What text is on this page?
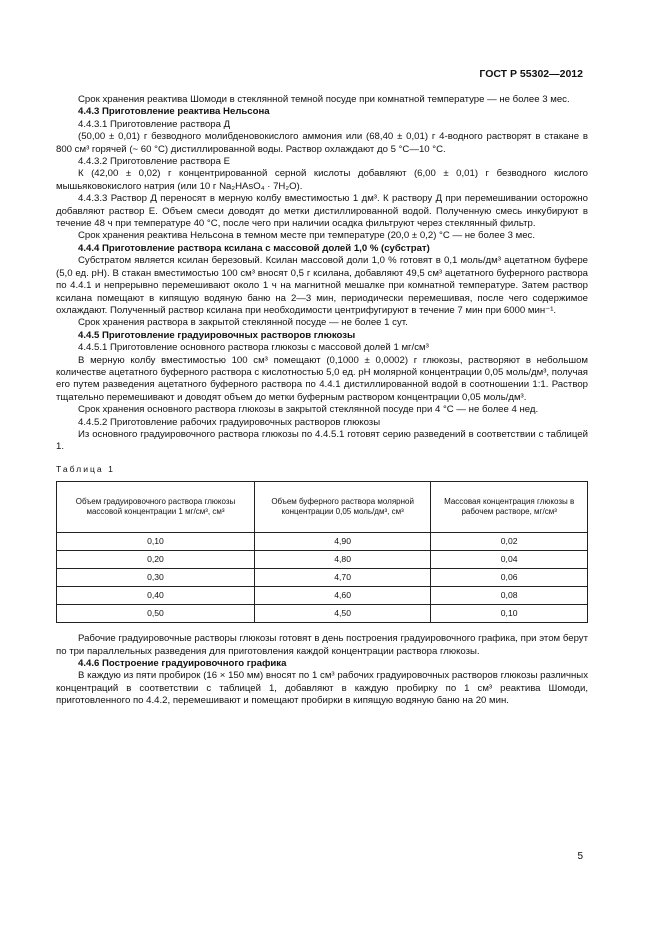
ГОСТ Р 55302—2012

Срок хранения реактива Шомоди в стеклянной темной посуде при комнатной температуре — не более 3 мес.

4.4.3 Приготовление реактива Нельсона

4.4.3.1 Приготовление раствора Д

(50,00 ± 0,01) г безводного молибденовокислого аммония или (68,40 ± 0,01) г 4-водного растворят в стакане в 800 см³ горячей (~ 60 °С) дистиллированной воды. Раствор охлаждают до 5 °С—10 °С.

4.4.3.2 Приготовление раствора Е

К (42,00 ± 0,02) г концентрированной серной кислоты добавляют (6,00 ± 0,01) г безводного кислого мышьяковокислого натрия (или 10 г Na₂HAsO₄ · 7H₂O).

4.4.3.3 Раствор Д переносят в мерную колбу вместимостью 1 дм³. К раствору Д при перемешивании осторожно добавляют раствор Е. Объем смеси доводят до метки дистиллированной водой. Полученную смесь инкубируют в течение 48 ч при температуре 40 °С, после чего при наличии осадка фильтруют через стеклянный фильтр.

Срок хранения реактива Нельсона в темном месте при температуре (20,0 ± 0,2) °С — не более 3 мес.

4.4.4 Приготовление раствора ксилана с массовой долей 1,0 % (субстрат)

Субстратом является ксилан березовый. Ксилан массовой доли 1,0 % готовят в 0,1 моль/дм³ ацетатном буфере (5,0 ед. рН). В стакан вместимостью 100 см³ вносят 0,5 г ксилана, добавляют 49,5 см³ ацетатного буферного раствора по 4.4.1 и непрерывно перемешивают около 1 ч на магнитной мешалке при комнатной температуре. Затем раствор ксилана помещают в кипящую водяную баню на 2—3 мин, периодически перемешивая, после чего содержимое охлаждают. Полученный раствор ксилана при необходимости центрифугируют в течение 7 мин при 6000 мин⁻¹.

Срок хранения раствора в закрытой стеклянной посуде — не более 1 сут.

4.4.5 Приготовление градуировочных растворов глюкозы

4.4.5.1 Приготовление основного раствора глюкозы с массовой долей 1 мг/см³

В мерную колбу вместимостью 100 см³ помещают (0,1000 ± 0,0002) г глюкозы, растворяют в небольшом количестве ацетатного буферного раствора с кислотностью 5,0 ед. рН молярной концентрации 0,05 моль/дм³, получая его путем разведения ацетатного буферного раствора по 4.4.1 дистиллированной водой в соотношении 1:1. Раствор тщательно перемешивают и доводят объем до метки буферным раствором концентрации 0,05 моль/дм³.

Срок хранения основного раствора глюкозы в закрытой стеклянной посуде при 4 °С — не более 4 нед.

4.4.5.2 Приготовление рабочих градуировочных растворов глюкозы

Из основного градуировочного раствора глюкозы по 4.4.5.1 готовят серию разведений в соответствии с таблицей 1.

Таблица 1
Объем градуировочного раствора глюкозы массовой концентрации 1 мг/см³, см³	Объем буферного раствора молярной концентрации 0,05 моль/дм³, см³	Массовая концентрация глюкозы в рабочем растворе, мг/см³
0,10	4,90	0,02
0,20	4,80	0,04
0,30	4,70	0,06
0,40	4,60	0,08
0,50	4,50	0,10

Рабочие градуировочные растворы глюкозы готовят в день построения градуировочного графика, при этом берут по три параллельных разведения для приготовления каждой концентрации раствора глюкозы.

4.4.6 Построение градуировочного графика

В каждую из пяти пробирок (16 × 150 мм) вносят по 1 см³ рабочих градуировочных растворов глюкозы различных концентраций в соответствии с таблицей 1, добавляют в каждую пробирку по 1 см³ реактива Шомоди, приготовленного по 4.4.2, перемешивают и помещают пробирки в кипящую водяную баню на 20 мин.

5
